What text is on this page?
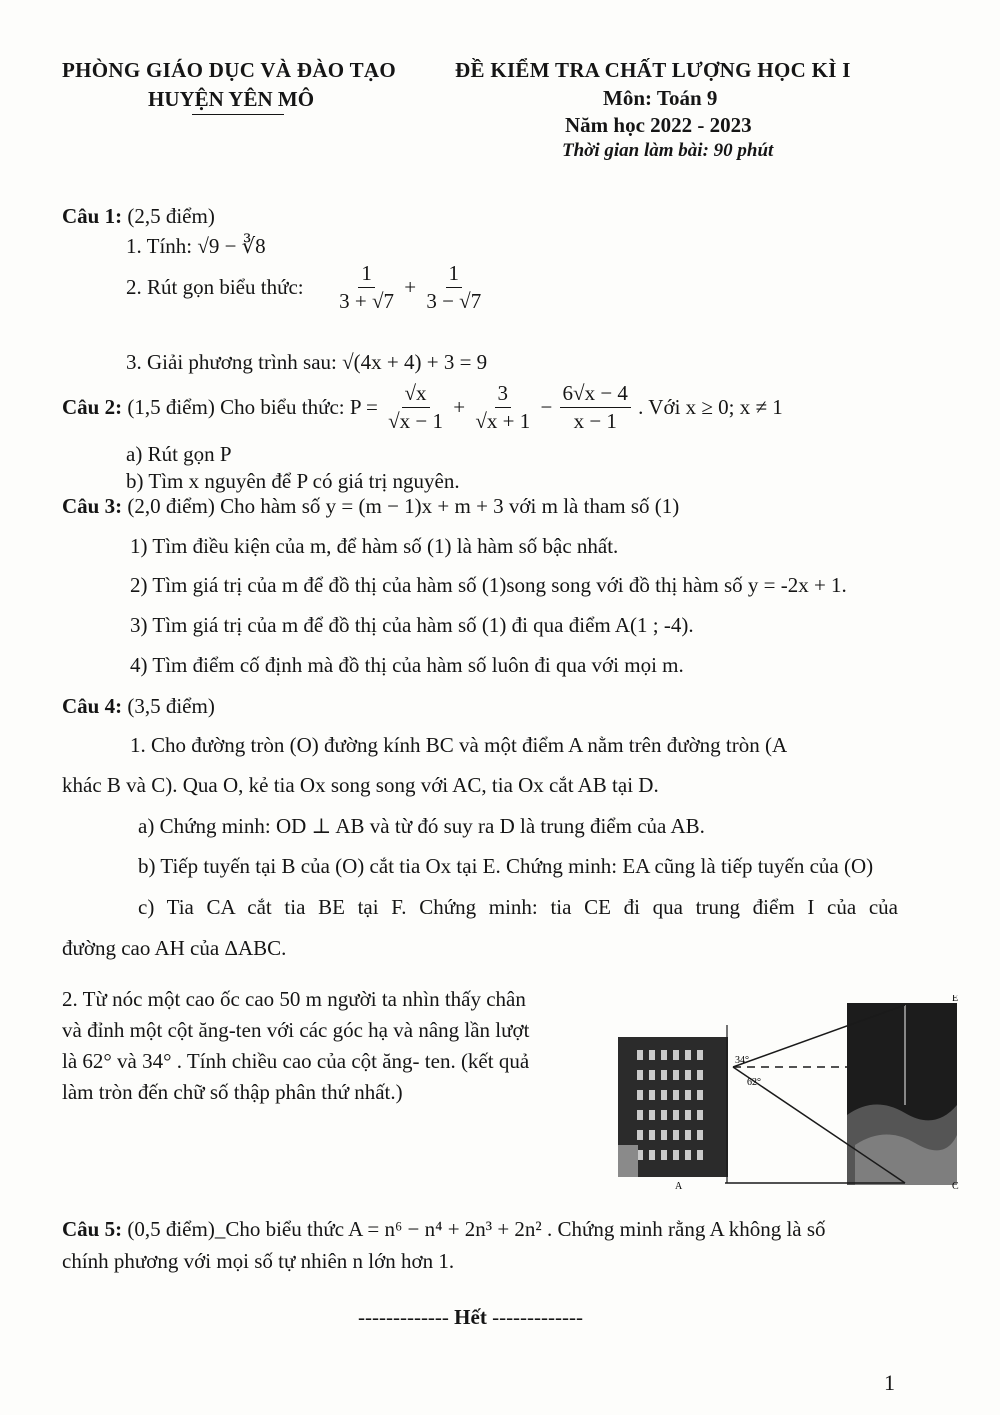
PHÒNG GIÁO DỤC VÀ ĐÀO TẠO
HUYỆN YÊN MÔ
ĐỀ KIỂM TRA CHẤT LƯỢNG HỌC KÌ I
Môn: Toán 9
Năm học 2022 - 2023
Thời gian làm bài: 90 phút
Câu 1: (2,5 điểm)
1. Tính: √9 − ∛8
2. Rút gọn biểu thức: $\frac{1}{3 + √7} + \frac{1}{3 - √7}$
3. Giải phương trình sau: √(4x + 4) + 3 = 9
Câu 2: (1,5 điểm) Cho biểu thức: $P = \frac{√x}{√x - 1} + \frac{3}{√x + 1} - \frac{6√x - 4}{x - 1}$ . Với x ≥ 0; x ≠ 1
a) Rút gọn P
b) Tìm x nguyên để P có giá trị nguyên.
Câu 3: (2,0 điểm) Cho hàm số y = (m − 1)x + m + 3 với m là tham số (1)
1) Tìm điều kiện của m, để hàm số (1) là hàm số bậc nhất.
2) Tìm giá trị của m để đồ thị của hàm số (1)song song với đồ thị hàm số y = -2x + 1.
3) Tìm giá trị của m để đồ thị của hàm số (1) đi qua điểm A(1 ; -4).
4) Tìm điểm cố định mà đồ thị của hàm số luôn đi qua với mọi m.
Câu 4: (3,5 điểm)
1. Cho đường tròn (O) đường kính BC và một điểm A nằm trên đường tròn (A
khác B và C). Qua O, kẻ tia Ox song song với AC, tia Ox cắt AB tại D.
a) Chứng minh: OD ⊥ AB và từ đó suy ra D là trung điểm của AB.
b) Tiếp tuyến tại B của (O) cắt tia Ox tại E. Chứng minh: EA cũng là tiếp tuyến của (O)
c) Tia CA cắt tia BE tại F. Chứng minh: tia CE đi qua trung điểm I của của
đường cao AH của ΔABC.
2. Từ nóc một cao ốc cao 50 m người ta nhìn thấy chân
và đỉnh một cột ăng-ten với các góc hạ và nâng lần lượt
là 62° và 34° . Tính chiều cao của cột ăng- ten. (kết quả
làm tròn đến chữ số thập phân thứ nhất.)
34°
62°
A
E
C
Câu 5: (0,5 điểm)_Cho biểu thức A = n⁶ − n⁴ + 2n³ + 2n² . Chứng minh rằng A không là số
chính phương với mọi số tự nhiên n lớn hơn 1.
------------- Hết -------------
1
